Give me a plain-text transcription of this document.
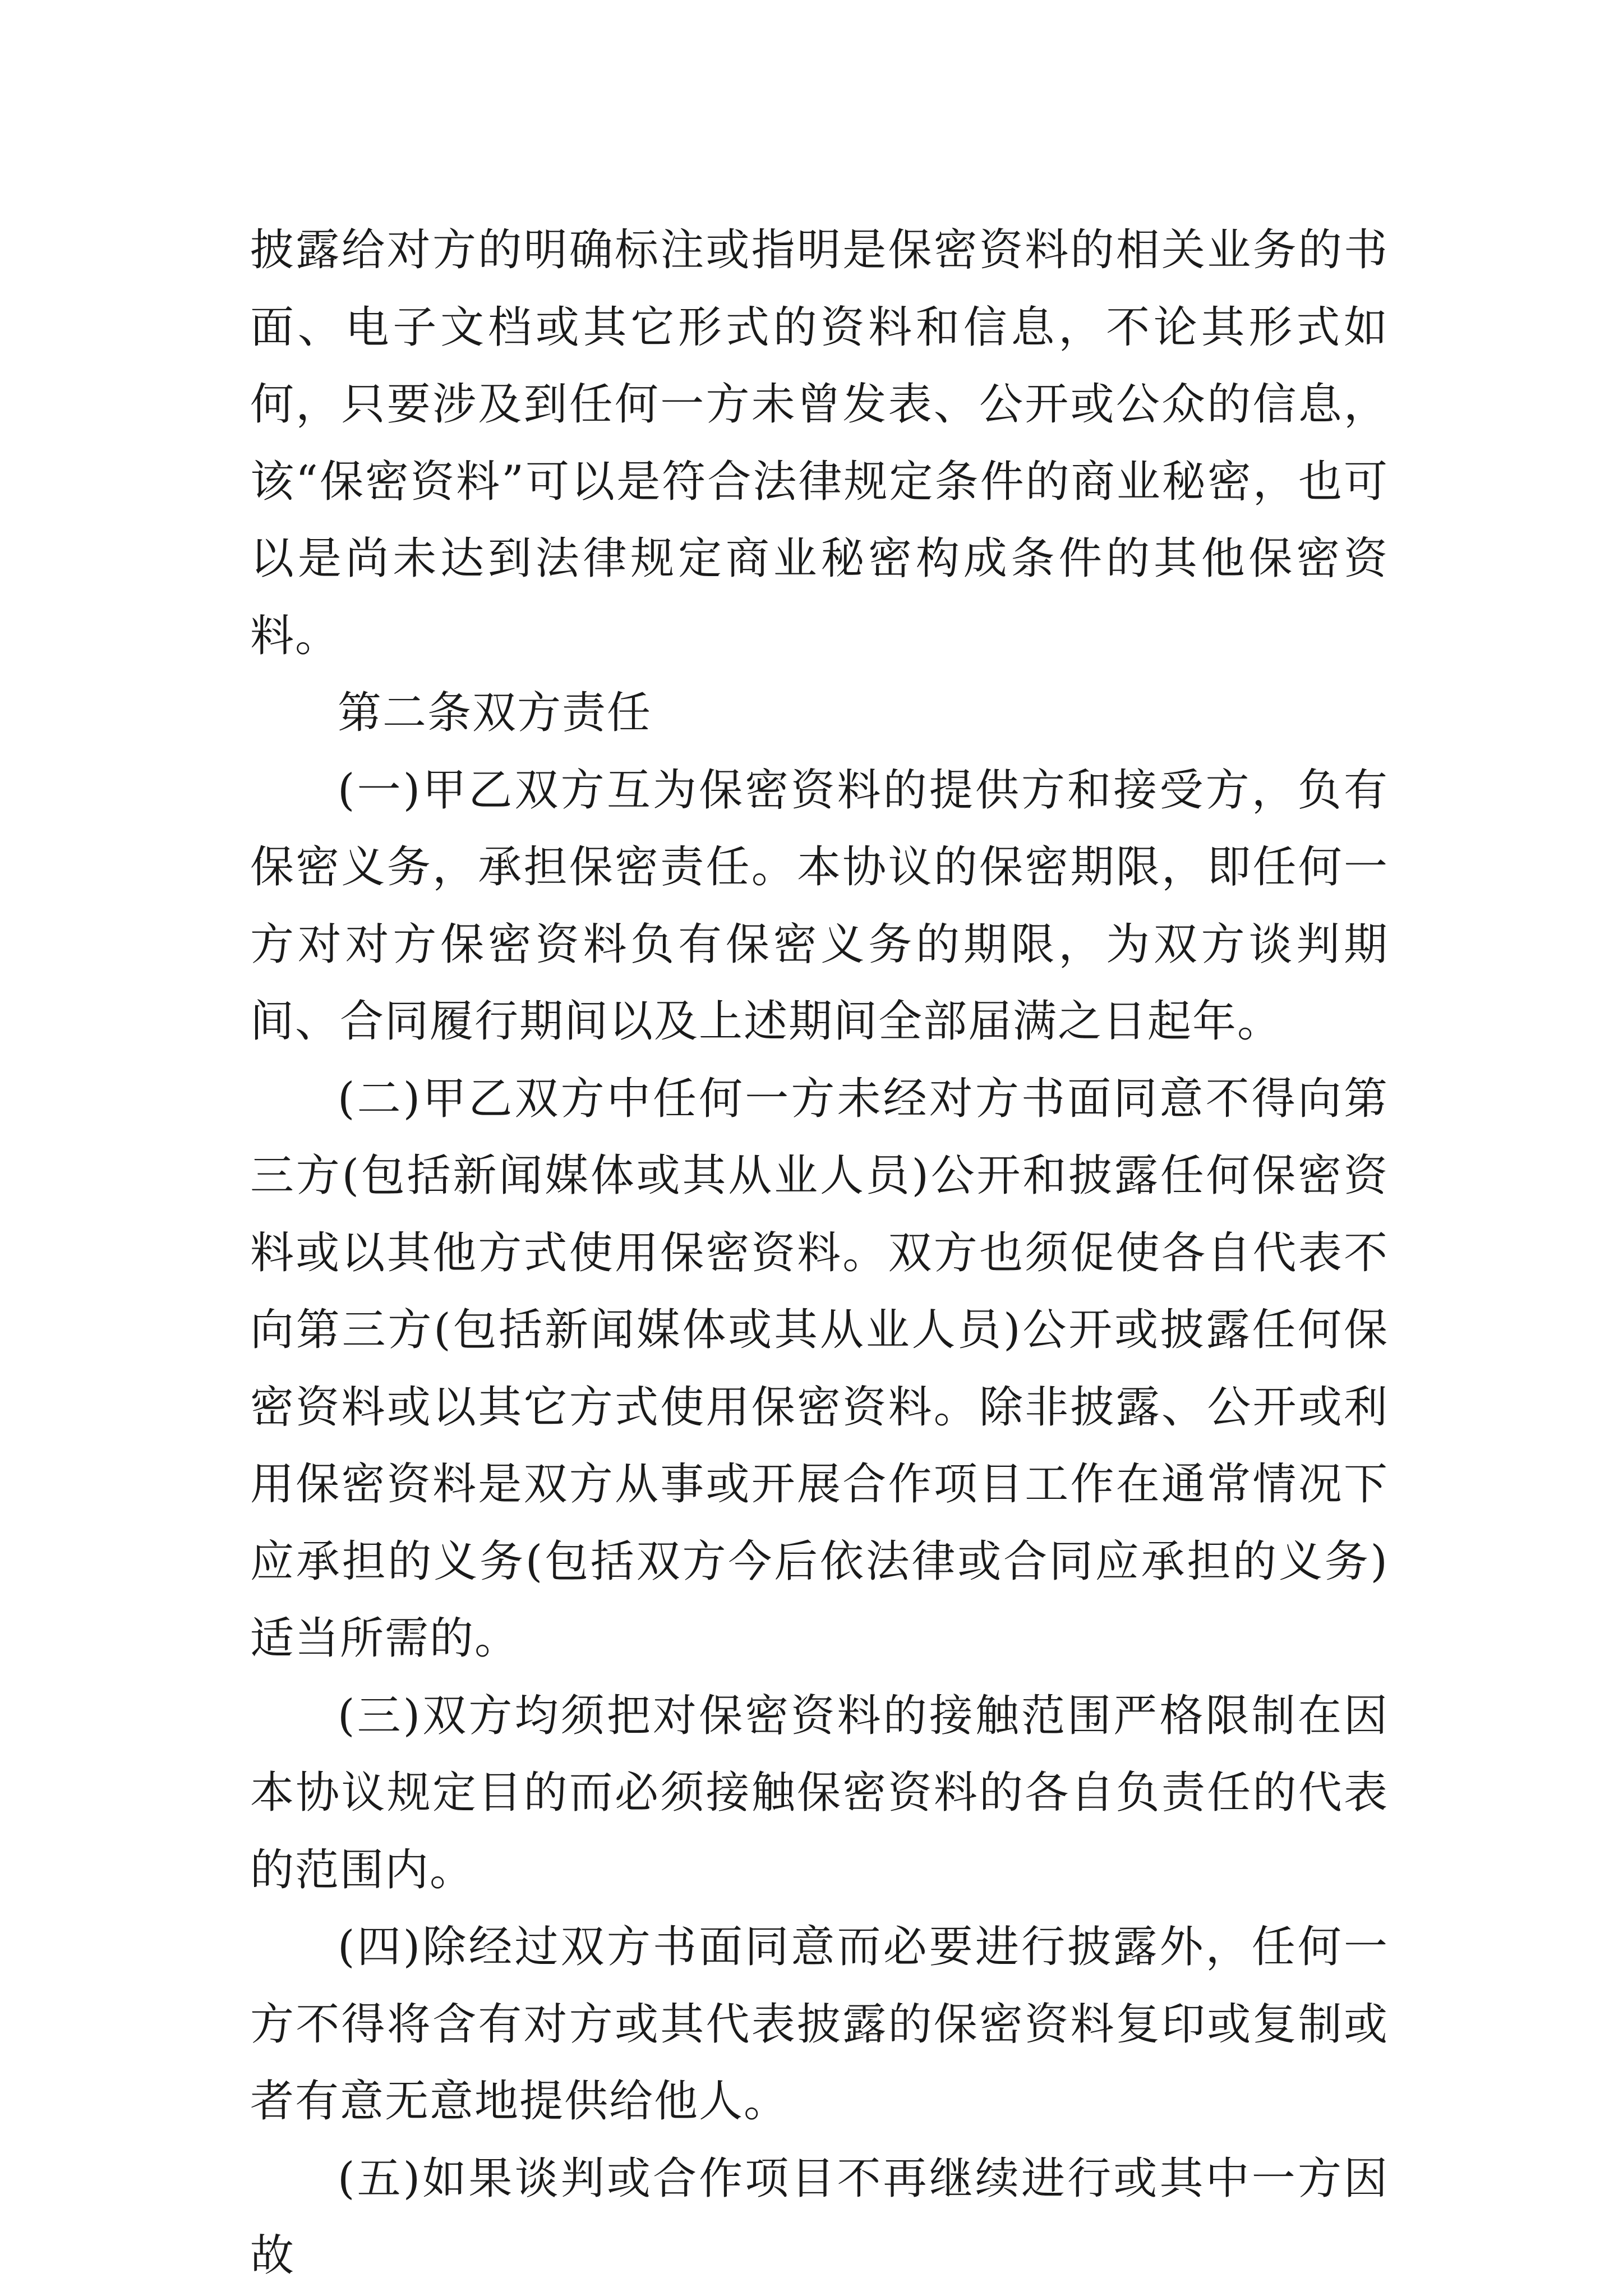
披露给对方的明确标注或指明是保密资料的相关业务的书面、电子文档或其它形式的资料和信息，不论其形式如何，只要涉及到任何一方未曾发表、公开或公众的信息，该“保密资料”可以是符合法律规定条件的商业秘密，也可以是尚未达到法律规定商业秘密构成条件的其他保密资料。

第二条双方责任

(一)甲乙双方互为保密资料的提供方和接受方，负有保密义务，承担保密责任。本协议的保密期限，即任何一方对对方保密资料负有保密义务的期限，为双方谈判期间、合同履行期间以及上述期间全部届满之日起年。

(二)甲乙双方中任何一方未经对方书面同意不得向第三方(包括新闻媒体或其从业人员)公开和披露任何保密资料或以其他方式使用保密资料。双方也须促使各自代表不向第三方(包括新闻媒体或其从业人员)公开或披露任何保密资料或以其它方式使用保密资料。除非披露、公开或利用保密资料是双方从事或开展合作项目工作在通常情况下应承担的义务(包括双方今后依法律或合同应承担的义务)适当所需的。

(三)双方均须把对保密资料的接触范围严格限制在因本协议规定目的而必须接触保密资料的各自负责任的代表的范围内。

(四)除经过双方书面同意而必要进行披露外，任何一方不得将含有对方或其代表披露的保密资料复印或复制或者有意无意地提供给他人。

(五)如果谈判或合作项目不再继续进行或其中一方因故
